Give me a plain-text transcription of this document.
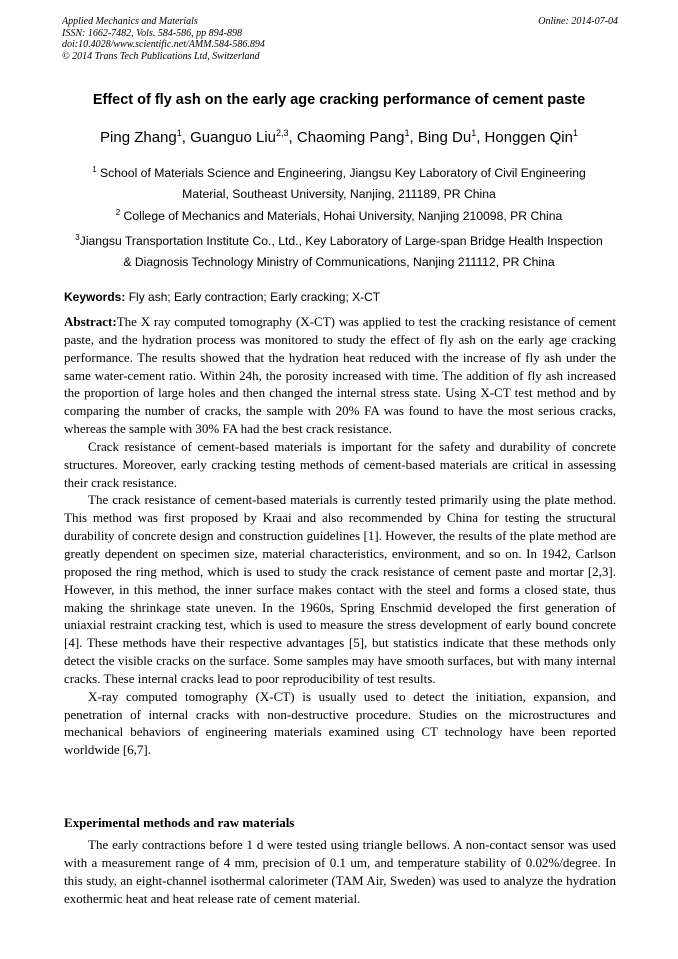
Applied Mechanics and Materials
ISSN: 1662-7482, Vols. 584-586, pp 894-898
doi:10.4028/www.scientific.net/AMM.584-586.894
© 2014 Trans Tech Publications Ltd, Switzerland
Online: 2014-07-04
Effect of fly ash on the early age cracking performance of cement paste
Ping Zhang$^1$, Guanguo Liu$^{2,3}$, Chaoming Pang$^1$, Bing Du$^1$, Honggen Qin$^1$
$^1$ School of Materials Science and Engineering, Jiangsu Key Laboratory of Civil Engineering
Material, Southeast University, Nanjing, 211189, PR China
$^2$ College of Mechanics and Materials, Hohai University, Nanjing 210098, PR China
$^3$Jiangsu Transportation Institute Co., Ltd., Key Laboratory of Large-span Bridge Health Inspection
& Diagnosis Technology Ministry of Communications, Nanjing 211112, PR China
Keywords: Fly ash; Early contraction; Early cracking; X-CT

Abstract:The X ray computed tomography (X-CT) was applied to test the cracking resistance of cement paste, and the hydration process was monitored to study the effect of fly ash on the early age cracking performance. The results showed that the hydration heat reduced with the increase of fly ash under the same water-cement ratio. Within 24h, the porosity increased with time. The addition of fly ash increased the proportion of large holes and then changed the internal stress state. Using X-CT test method and by comparing the number of cracks, the sample with 20% FA was found to have the most serious cracks, whereas the sample with 30% FA had the best crack resistance.

Crack resistance of cement-based materials is important for the safety and durability of concrete structures. Moreover, early cracking testing methods of cement-based materials are critical in assessing their crack resistance.

The crack resistance of cement-based materials is currently tested primarily using the plate method. This method was first proposed by Kraai and also recommended by China for testing the structural durability of concrete design and construction guidelines [1]. However, the results of the plate method are greatly dependent on specimen size, material characteristics, environment, and so on. In 1942, Carlson proposed the ring method, which is used to study the crack resistance of cement paste and mortar [2,3]. However, in this method, the inner surface makes contact with the steel and forms a closed state, thus making the shrinkage state uneven. In the 1960s, Spring Enschmid developed the first generation of uniaxial restraint cracking test, which is used to measure the stress development of early bound concrete [4]. These methods have their respective advantages [5], but statistics indicate that these methods only detect the visible cracks on the surface. Some samples may have smooth surfaces, but with many internal cracks. These internal cracks lead to poor reproducibility of test results.

X-ray computed tomography (X-CT) is usually used to detect the initiation, expansion, and penetration of internal cracks with non-destructive procedure. Studies on the microstructures and mechanical behaviors of engineering materials examined using CT technology have been reported worldwide [6,7].

Experimental methods and raw materials

The early contractions before 1 d were tested using triangle bellows. A non-contact sensor was used with a measurement range of 4 mm, precision of 0.1 um, and temperature stability of 0.02%/degree. In this study, an eight-channel isothermal calorimeter (TAM Air, Sweden) was used to analyze the hydration exothermic heat and heat release rate of cement material.
